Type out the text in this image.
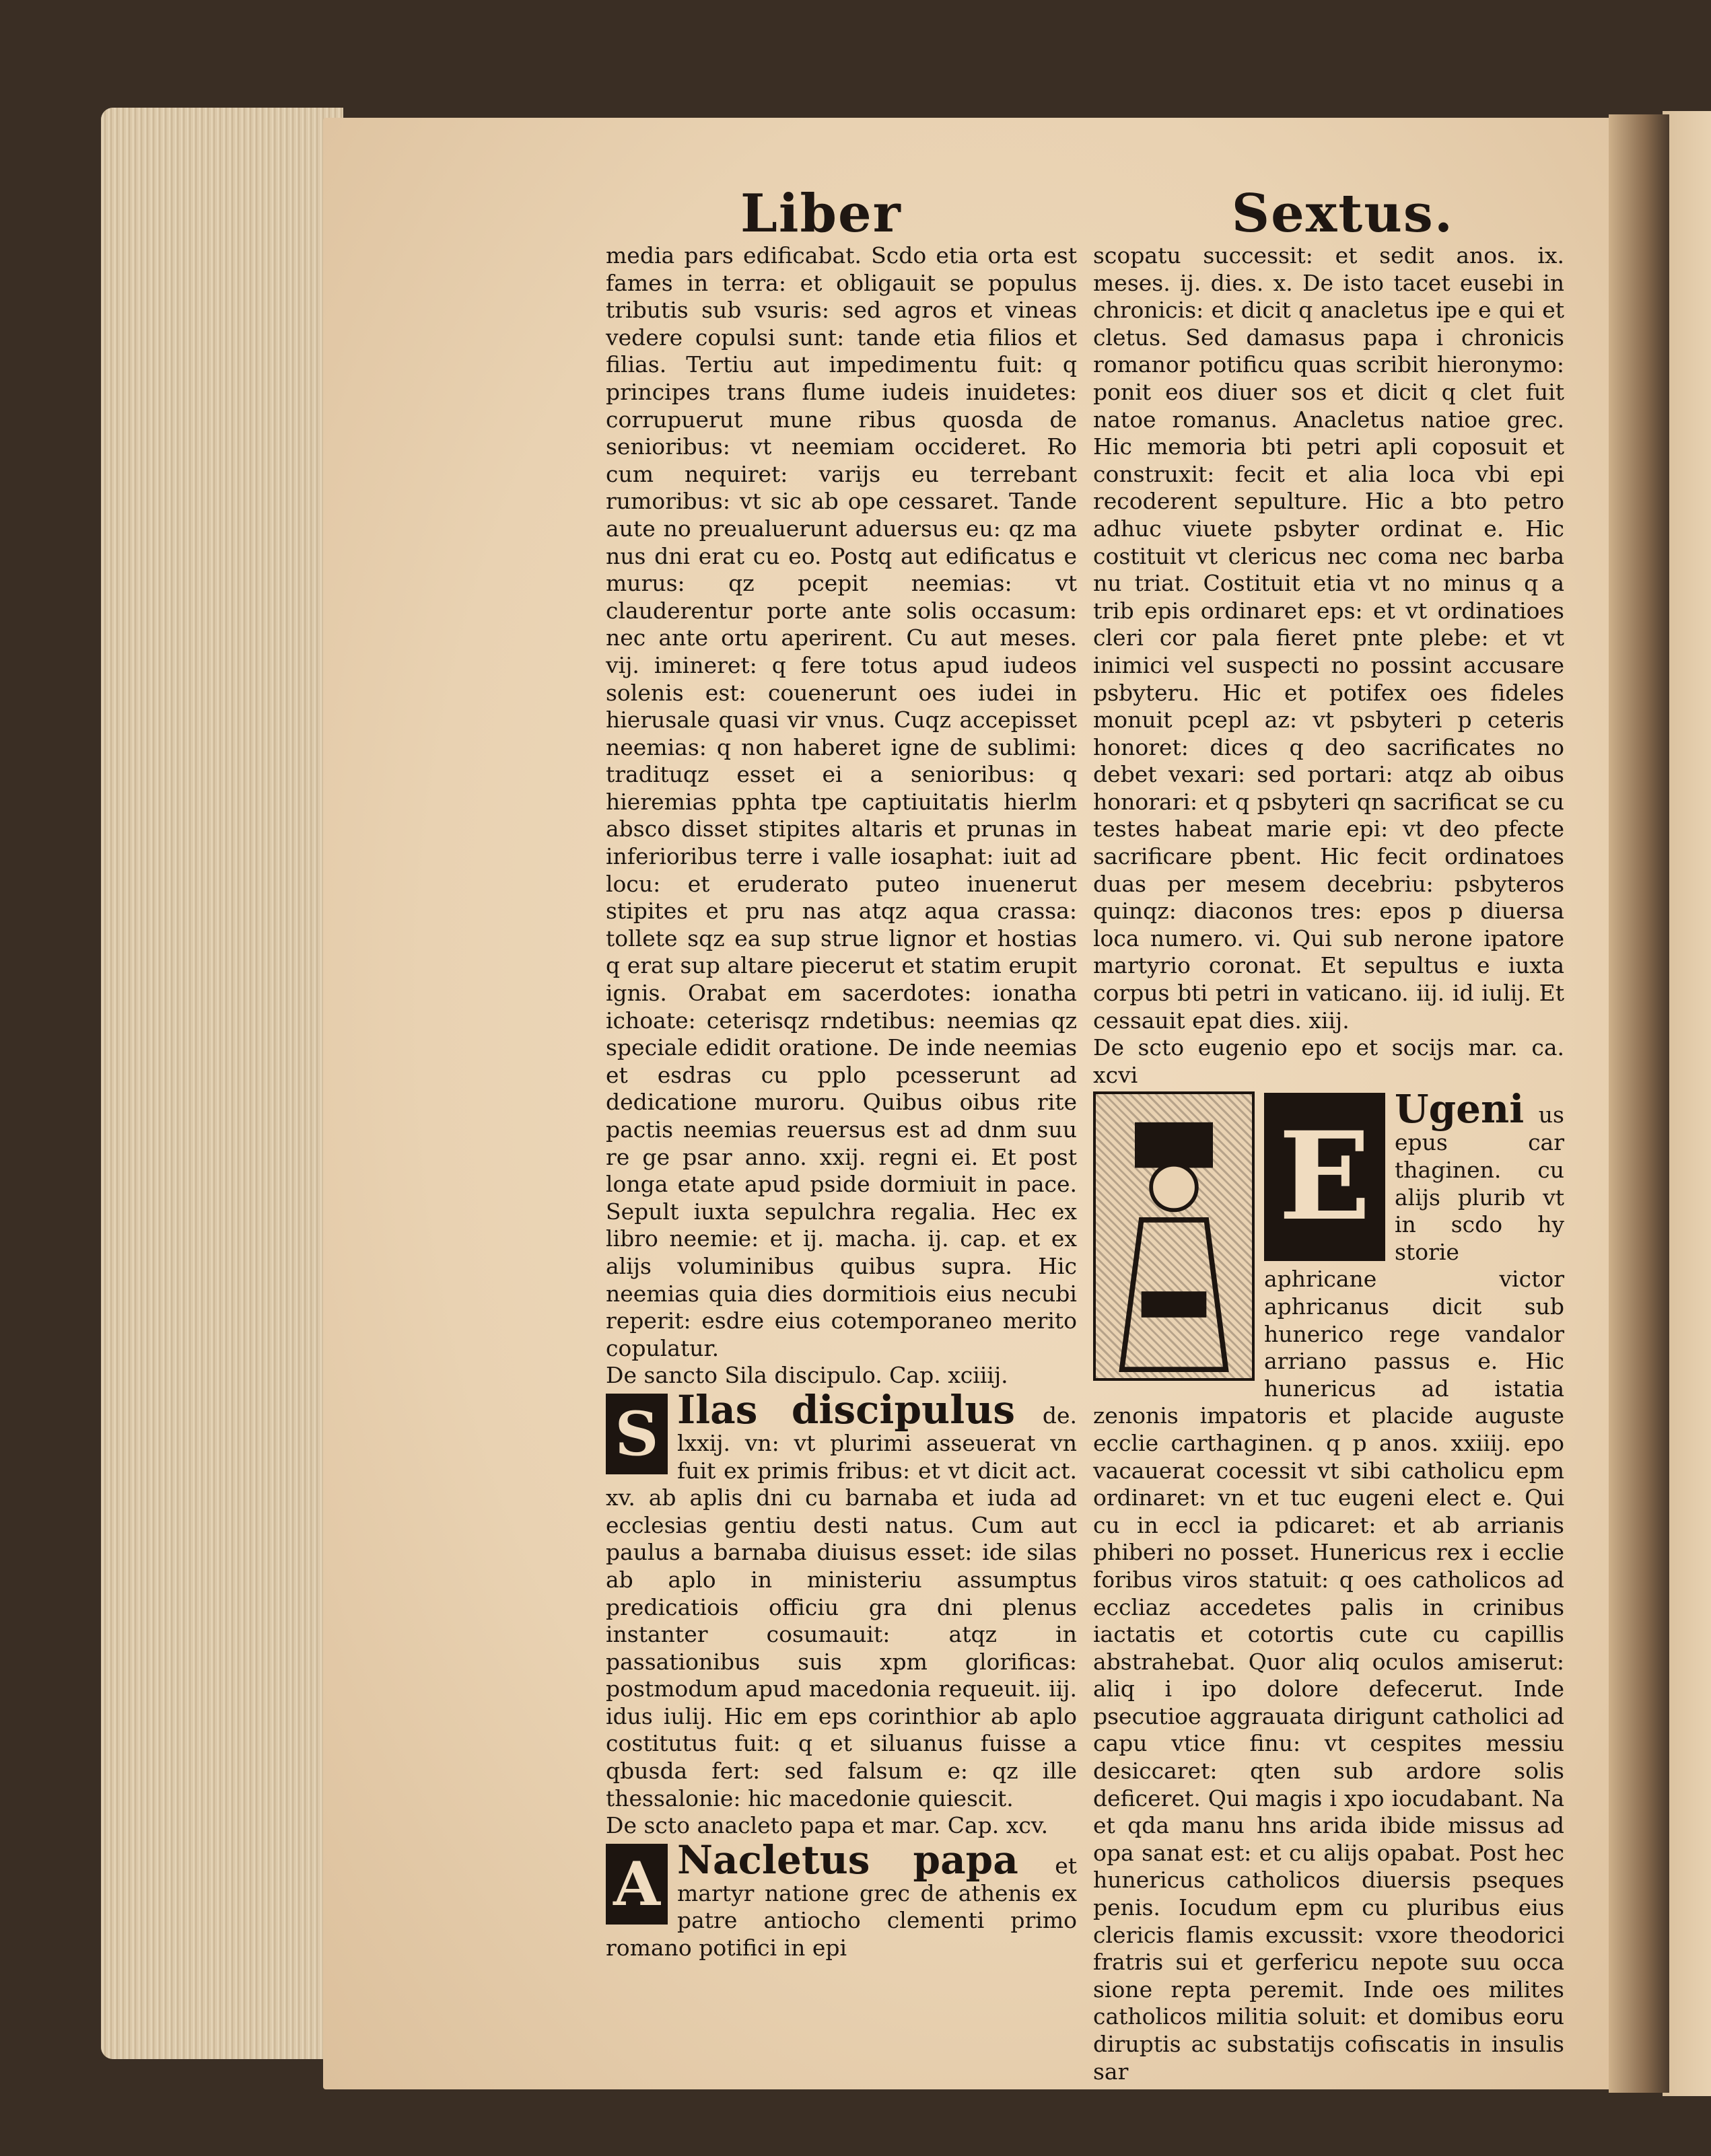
Liber	Sextus.

media pars edificabat. Scdo etia orta est fames in terra: et obligauit se populus tributis sub vsuris: sed agros et vineas vedere copulsi sunt: tande etia filios et filias. Tertiu aut impedimentu fuit: q principes trans flume iudeis inuidetes: corrupuerut mune ribus quosda de senioribus: vt neemiam occideret. Ro cum nequiret: varijs eu terrebant rumoribus: vt sic ab ope cessaret. Tande aute no preualuerunt aduersus eu: qz ma nus dni erat cu eo. Postq aut edificatus e murus: qz pcepit neemias: vt clauderentur porte ante solis occasum: nec ante ortu aperirent. Cu aut meses. vij. imineret: q fere totus apud iudeos solenis est: couenerunt oes iudei in hierusale quasi vir vnus. Cuqz accepisset neemias: q non haberet igne de sublimi: tradituqz esset ei a senioribus: q hieremias pphta tpe captiuitatis hierlm absco disset stipites altaris et prunas in inferioribus terre i valle iosaphat: iuit ad locu: et eruderato puteo inuenerut stipites et pru nas atqz aqua crassa: tollete sqz ea sup strue lignor et hostias q erat sup altare piecerut et statim erupit ignis. Orabat em sacerdotes: ionatha ichoate: ceterisqz rndetibus: neemias qz speciale edidit oratione. De inde neemias et esdras cu pplo pcesserunt ad dedicatione muroru. Quibus oibus rite pactis neemias reuersus est ad dnm suu re ge psar anno. xxij. regni ei. Et post longa etate apud pside dormiuit in pace. Sepult iuxta sepulchra regalia. Hec ex libro neemie: et ij. macha. ij. cap. et ex alijs voluminibus quibus supra. Hic neemias quia dies dormitiois eius necubi reperit: esdre eius cotemporaneo merito copulatur.

De sancto Sila discipulo. Cap. xciiij.

S Ilas discipulus de. lxxij. vn: vt plurimi asseuerat vn fuit ex primis fribus: et vt dicit act. xv. ab aplis dni cu barnaba et iuda ad ecclesias gentiu desti natus. Cum aut paulus a barnaba diuisus esset: ide silas ab aplo in ministeriu assumptus predicatiois officiu gra dni plenus instanter cosumauit: atqz in passationibus suis xpm glorificas: postmodum apud macedonia requeuit. iij. idus iulij. Hic em eps corinthior ab aplo costitutus fuit: q et siluanus fuisse a qbusda fert: sed falsum e: qz ille thessalonie: hic macedonie quiescit.

De scto anacleto papa et mar. Cap. xcv.

A Nacletus papa et martyr natione grec de athenis ex patre antiocho clementi primo romano potifici in epi

scopatu successit: et sedit anos. ix. meses. ij. dies. x. De isto tacet eusebi in chronicis: et dicit q anacletus ipe e qui et cletus. Sed damasus papa i chronicis romanor potificu quas scribit hieronymo: ponit eos diuer sos et dicit q clet fuit natoe romanus. Anacletus natioe grec. Hic memoria bti petri apli coposuit et construxit: fecit et alia loca vbi epi recoderent sepulture. Hic a bto petro adhuc viuete psbyter ordinat e. Hic costituit vt clericus nec coma nec barba nu triat. Costituit etia vt no minus q a trib epis ordinaret eps: et vt ordinatioes cleri cor pala fieret pnte plebe: et vt inimici vel suspecti no possint accusare psbyteru. Hic et potifex oes fideles monuit pcepl az: vt psbyteri p ceteris honoret: dices q deo sacrificates no debet vexari: sed portari: atqz ab oibus honorari: et q psbyteri qn sacrificat se cu testes habeat marie epi: vt deo pfecte sacrificare pbent. Hic fecit ordinatoes duas per mesem decebriu: psbyteros quinqz: diaconos tres: epos p diuersa loca numero. vi. Qui sub nerone ipatore martyrio coronat. Et sepultus e iuxta corpus bti petri in vaticano. iij. id iulij. Et cessauit epat dies. xiij.

De scto eugenio epo et socijs mar. ca. xcvi

E Ugeni us epus car thaginen. cu alijs plurib vt in scdo hy storie aphricane victor aphricanus dicit sub hunerico rege vandalor arriano passus e. Hic hunericus ad istatia zenonis impatoris et placide auguste ecclie carthaginen. q p anos. xxiiij. epo vacauerat cocessit vt sibi catholicu epm ordinaret: vn et tuc eugeni elect e. Qui cu in eccl ia pdicaret: et ab arrianis phiberi no posset. Hunericus rex i ecclie foribus viros statuit: q oes catholicos ad eccliaz accedetes palis in crinibus iactatis et cotortis cute cu capillis abstrahebat. Quor aliq oculos amiserut: aliq i ipo dolore defecerut. Inde psecutioe aggrauata dirigunt catholici ad capu vtice finu: vt cespites messiu desiccaret: qten sub ardore solis deficeret. Qui magis i xpo iocudabant. Na et qda manu hns arida ibide missus ad opa sanat est: et cu alijs opabat. Post hec hunericus catholicos diuersis pseques penis. Iocudum epm cu pluribus eius clericis flamis excussit: vxore theodorici fratris sui et gerfericu nepote suu occa sione repta peremit. Inde oes milites catholicos militia soluit: et domibus eoru diruptis ac substatijs cofiscatis in insulis sar
